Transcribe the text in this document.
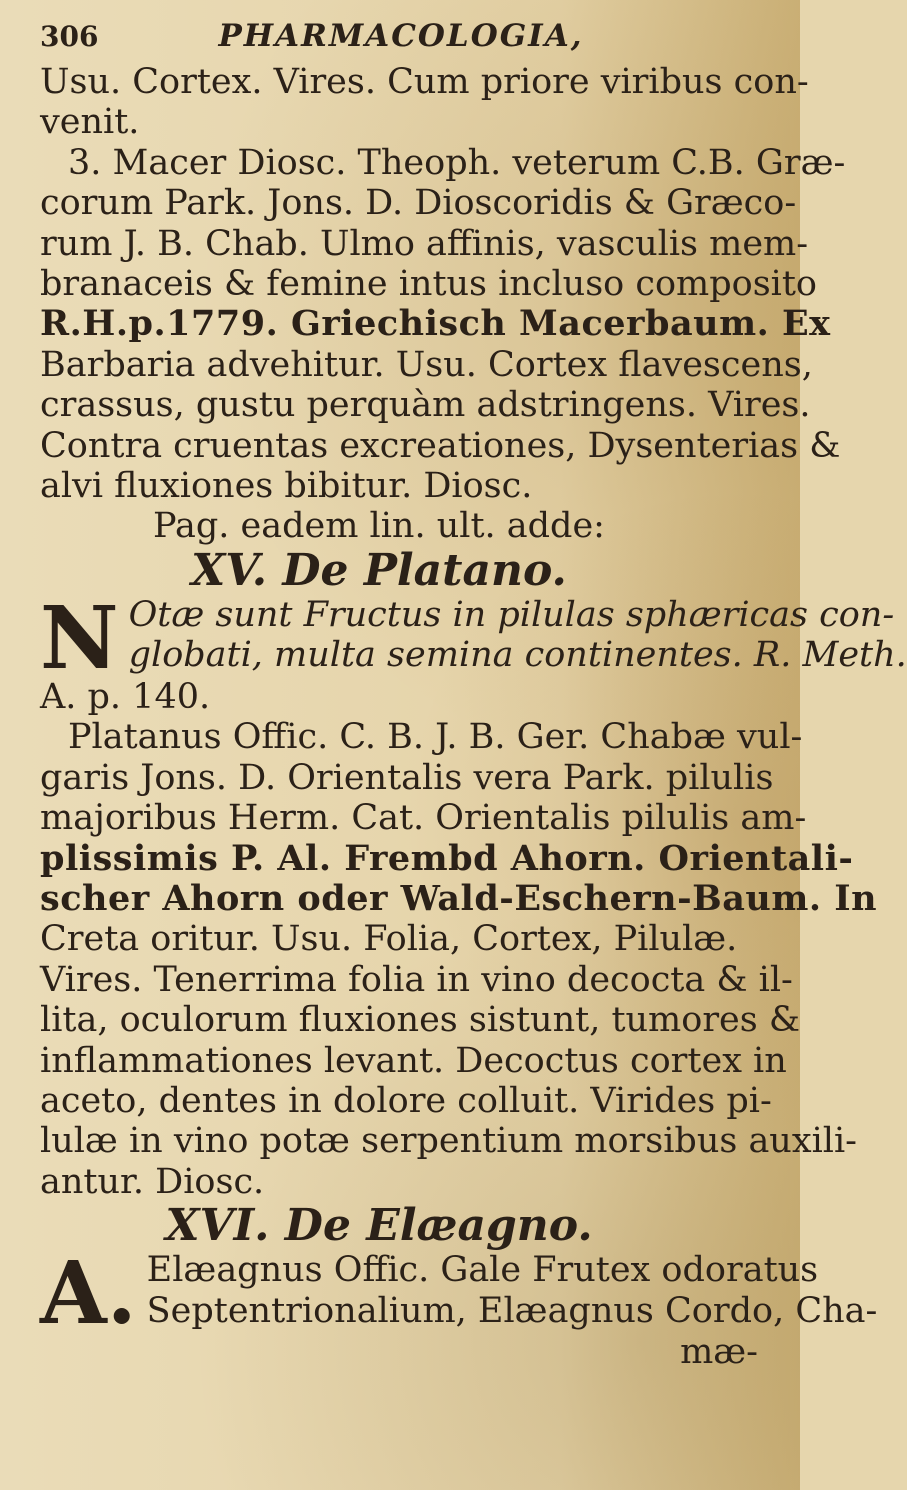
306	PHARMACOLOGIA,
Usu. Cortex. Vires. Cum priore viribus con-
venit.
3. Macer Diosc. Theoph. veterum C.B. Græ-
corum Park. Jons. D. Dioscoridis & Græco-
rum J. B. Chab. Ulmo affinis, vasculis mem-
branaceis & femine intus incluso composito
R.H.p.1779. Griechisch Macerbaum. Ex
Barbaria advehitur. Usu. Cortex flavescens,
crassus, gustu perquàm adstringens. Vires.
Contra cruentas excreationes, Dysenterias &
alvi fluxiones bibitur. Diosc.
Pag. eadem lin. ult. adde:
XV. De Platano.
N Otæ sunt Fructus in pilulas sphæricas con-
globati, multa semina continentes. R. Meth.
A. p. 140.
Platanus Offic. C. B. J. B. Ger. Chabæ vul-
garis Jons. D. Orientalis vera Park. pilulis
majoribus Herm. Cat. Orientalis pilulis am-
plissimis P. Al. Frembd Ahorn. Orientali-
scher Ahorn oder Wald-Eschern-Baum. In
Creta oritur. Usu. Folia, Cortex, Pilulæ.
Vires. Tenerrima folia in vino decocta & il-
lita, oculorum fluxiones sistunt, tumores &
inflammationes levant. Decoctus cortex in
aceto, dentes in dolore colluit. Virides pi-
lulæ in vino potæ serpentium morsibus auxili-
antur. Diosc.
XVI. De Elæagno.
A. Elæagnus Offic. Gale Frutex odoratus
Septentrionalium, Elæagnus Cordo, Cha-
mæ-
